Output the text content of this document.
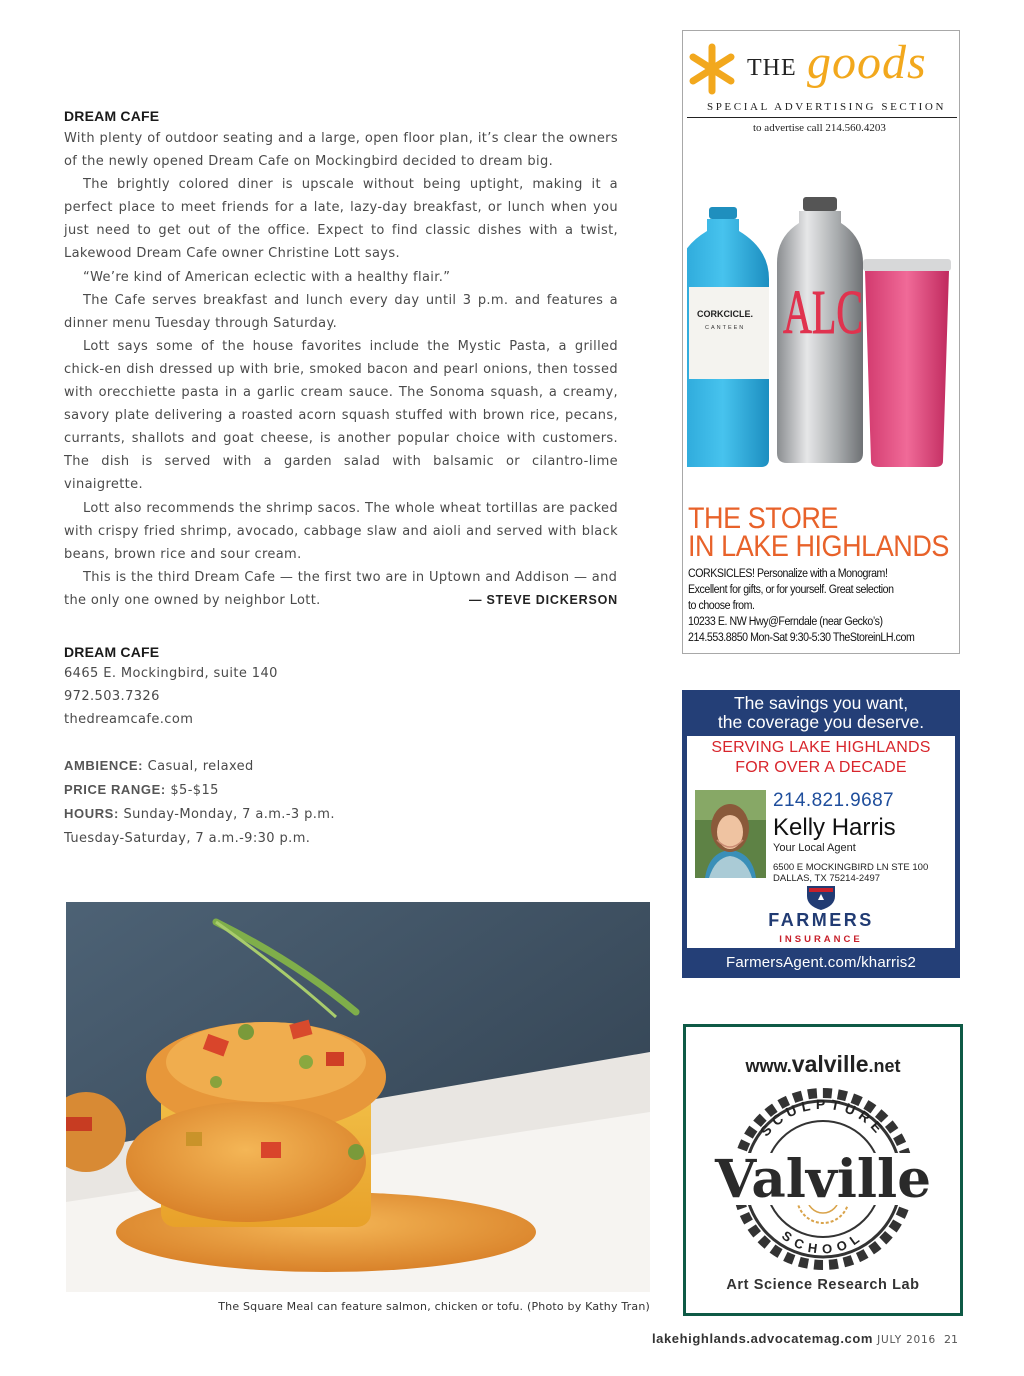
DREAM CAFE

With plenty of outdoor seating and a large, open floor plan, it’s clear the owners of the newly opened Dream Cafe on Mockingbird decided to dream big.

The brightly colored diner is upscale without being uptight, making it a perfect place to meet friends for a late, lazy-day breakfast, or lunch when you just need to get out of the office. Expect to find classic dishes with a twist, Lakewood Dream Cafe owner Christine Lott says.

“We’re kind of American eclectic with a healthy flair.”

The Cafe serves breakfast and lunch every day until 3 p.m. and features a dinner menu Tuesday through Saturday.

Lott says some of the house favorites include the Mystic Pasta, a grilled chick-en dish dressed up with brie, smoked bacon and pearl onions, then tossed with orecchiette pasta in a garlic cream sauce. The Sonoma squash, a creamy, savory plate delivering a roasted acorn squash stuffed with brown rice, pecans, currants, shallots and goat cheese, is another popular choice with customers. The dish is served with a garden salad with balsamic or cilantro-lime vinaigrette.

Lott also recommends the shrimp sacos. The whole wheat tortillas are packed with crispy fried shrimp, avocado, cabbage slaw and aioli and served with black beans, brown rice and sour cream.

This is the third Dream Cafe — the first two are in Uptown and Addison — and

the only one owned by neighbor Lott.	— STEVE DICKERSON
DREAM CAFE
6465 E. Mockingbird, suite 140
972.503.7326
thedreamcafe.com
AMBIENCE: Casual, relaxed
PRICE RANGE: $5-$15
HOURS: Sunday-Monday, 7 a.m.-3 p.m.
Tuesday-Saturday, 7 a.m.-9:30 p.m.
The Square Meal can feature salmon, chicken or tofu. (Photo by Kathy Tran)
lakehighlands.advocatemag.com JULY 2016 21
THE goods
SPECIAL ADVERTISING SECTION
to advertise call 214.560.4203
CORKCICLE.
CANTEEN ALC
THE STORE
IN LAKE HIGHLANDS
CORKSICLES! Personalize with a Monogram!
Excellent for gifts, or for yourself. Great selection
to choose from.
10233 E. NW Hwy@Ferndale (near Gecko’s)
214.553.8850 Mon-Sat 9:30-5:30 TheStoreinLH.com
The savings you want,
the coverage you deserve.
SERVING LAKE HIGHLANDS
FOR OVER A DECADE
214.821.9687
Kelly Harris
Your Local Agent
6500 E MOCKINGBIRD LN STE 100
DALLAS, TX 75214-2497
FARMERS
INSURANCE
FarmersAgent.com/kharris2
www.valville.net
SCULPTURE
SCHOOL
Valville
Art Science Research Lab
